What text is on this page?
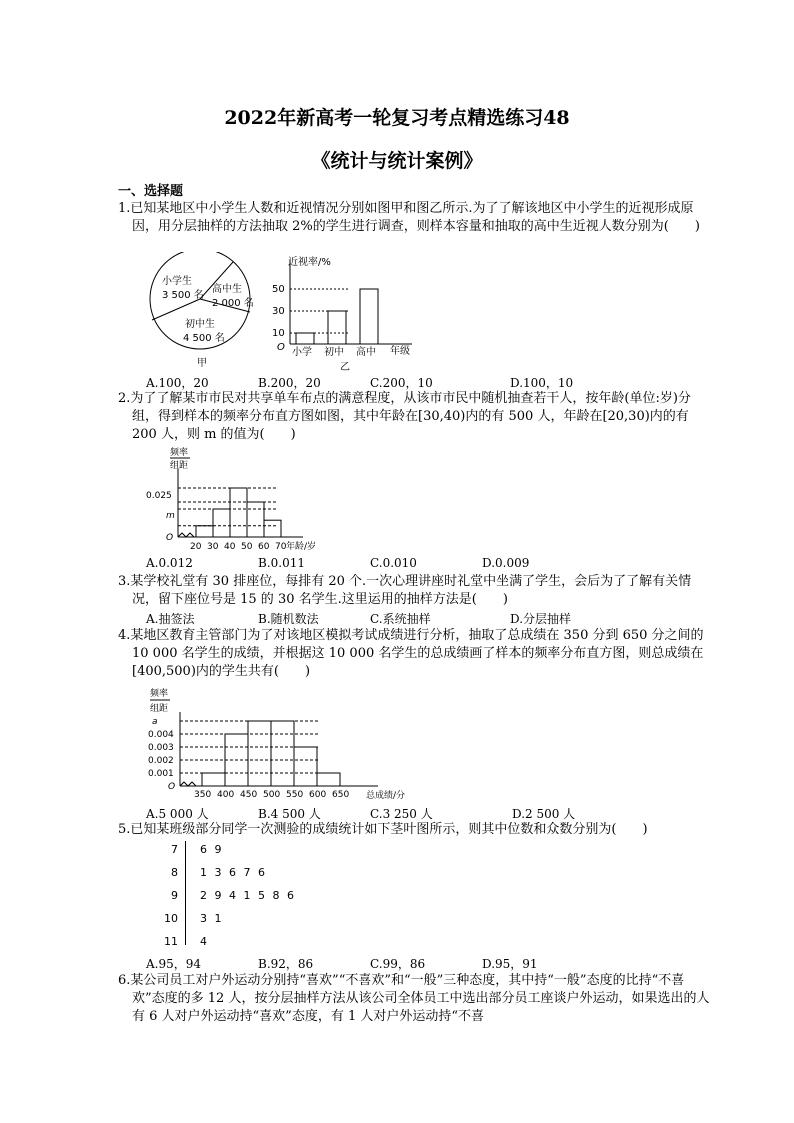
2022年新高考一轮复习考点精选练习48
《统计与统计案例》
一、选择题
1.已知某地区中小学生人数和近视情况分别如图甲和图乙所示.为了了解该地区中小学生的近视形成原因，用分层抽样的方法抽取 2%的学生进行调查，则样本容量和抽取的高中生近视人数分别为(　　)
小学生
3 500 名
高中生
2 000 名
初中生
4 500 名
甲
近视率/%
O	年级
乙
小学 初中 高中
10
30
50
A.100，20	B.200，20	C.200，10	D.100，10
2.为了了解某市市民对共享单车布点的满意程度，从该市市民中随机抽查若干人，按年龄(单位:岁)分组，得到样本的频率分布直方图如图，其中年龄在[30,40)内的有 500 人，年龄在[20,30)内的有 200 人，则 m 的值为(　　)
频率
组距
0.025
m
O
年龄/岁
20 30 40 50 60 70
A.0.012	B.0.011	C.0.010	D.0.009
3.某学校礼堂有 30 排座位，每排有 20 个.一次心理讲座时礼堂中坐满了学生，会后为了了解有关情况，留下座位号是 15 的 30 名学生.这里运用的抽样方法是(　　)
A.抽签法	B.随机数法	C.系统抽样	D.分层抽样
4.某地区教育主管部门为了对该地区模拟考试成绩进行分析，抽取了总成绩在 350 分到 650 分之间的 10 000 名学生的成绩，并根据这 10 000 名学生的总成绩画了样本的频率分布直方图，则总成绩在[400,500)内的学生共有(　　)
频率
组距
a
0.004
0.003
0.002
0.001
O
总成绩/分
350 400 450 500 550 600 650
A.5 000 人	B.4 500 人	C.3 250 人	D.2 500 人
5.已知某班级部分同学一次测验的成绩统计如下茎叶图所示，则其中位数和众数分别为(　　)
7	6 9
8	1 3 6 7 6
9	2 9 4 1 5 8 6
10	3 1
11	4
A.95，94	B.92，86	C.99，86	D.95，91
6.某公司员工对户外运动分别持“喜欢”“不喜欢”和“一般”三种态度，其中持“一般”态度的比持“不喜欢”态度的多 12 人，按分层抽样方法从该公司全体员工中选出部分员工座谈户外运动，如果选出的人有 6 人对户外运动持“喜欢”态度，有 1 人对户外运动持“不喜
